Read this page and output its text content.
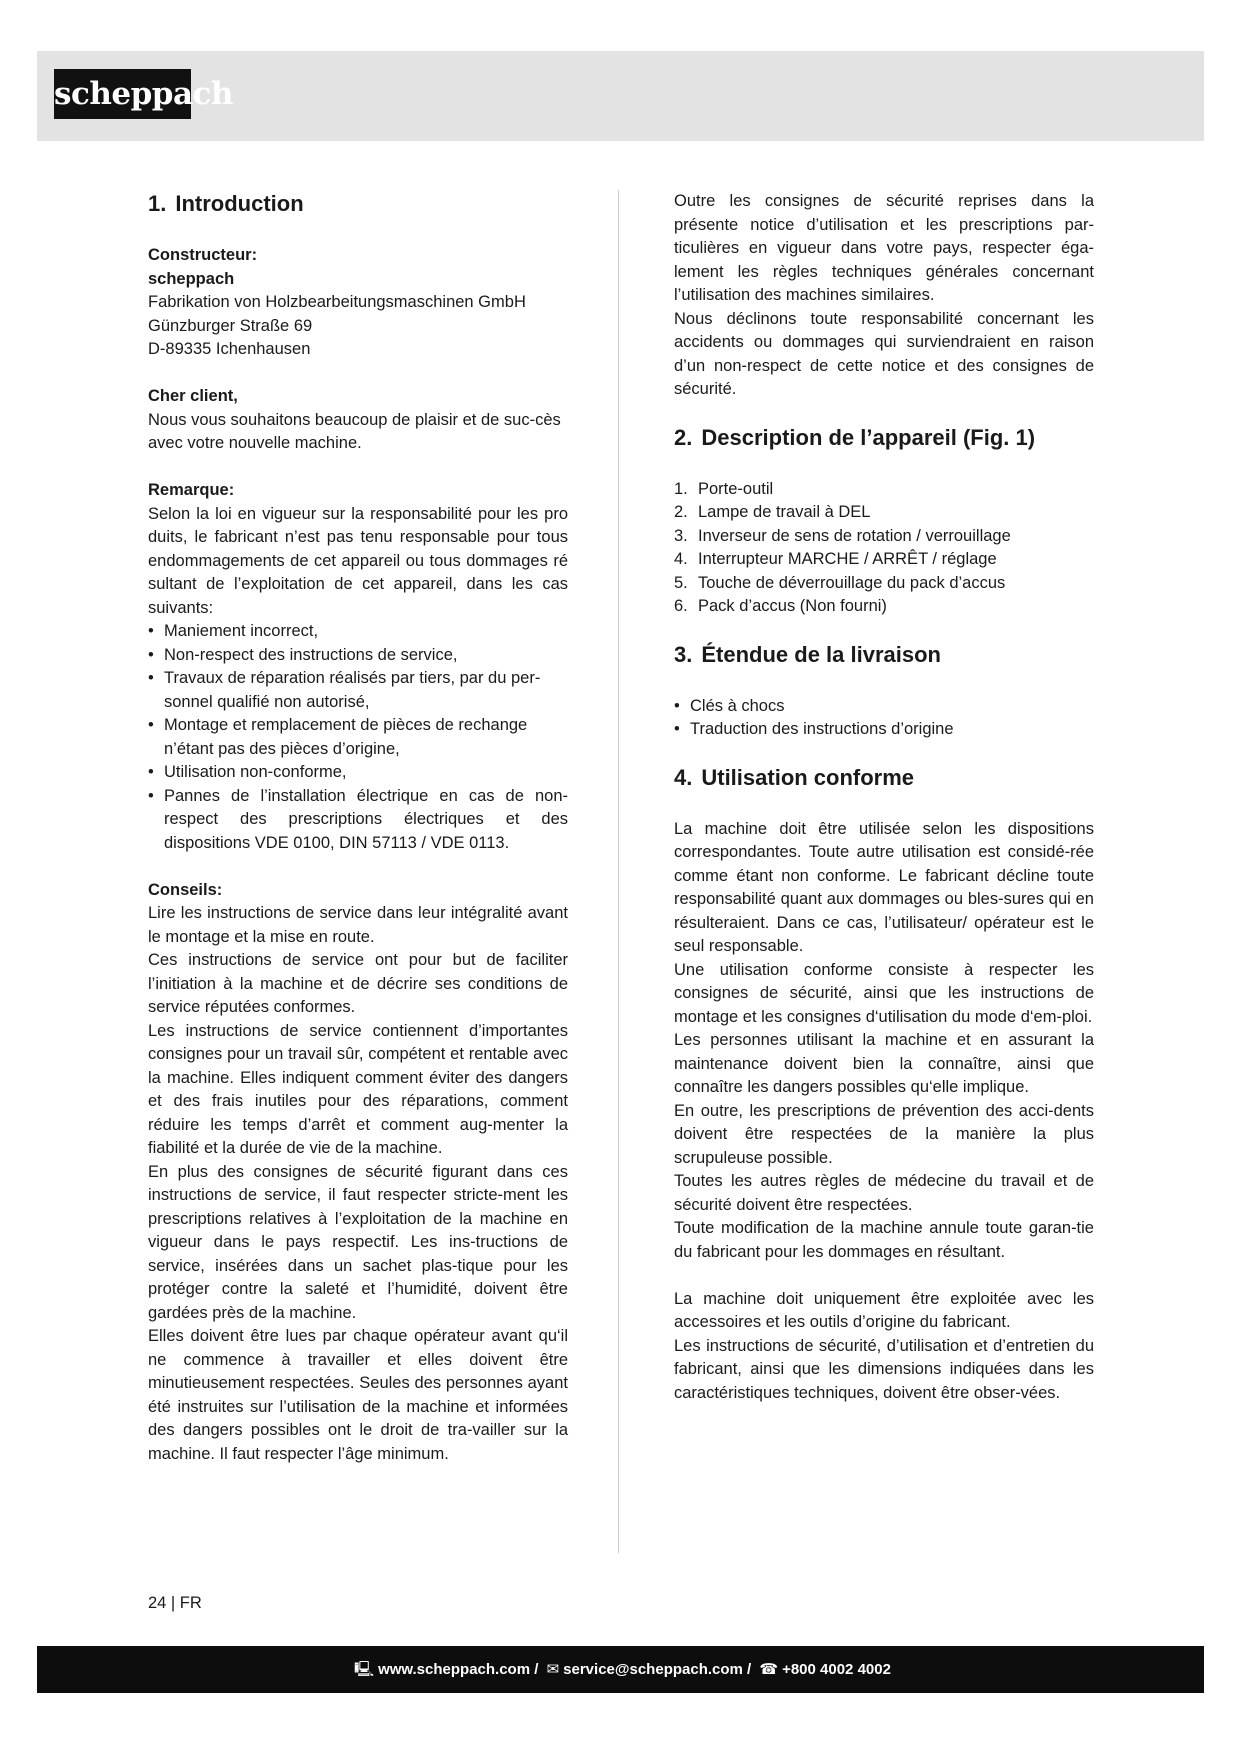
scheppach
1. Introduction

Constructeur:

scheppach

Fabrikation von Holzbearbeitungsmaschinen GmbH

Günzburger Straße 69

D-89335 Ichenhausen

Cher client,

Nous vous souhaitons beaucoup de plaisir et de suc-cès avec votre nouvelle machine.

Remarque:

Selon la loi en vigueur sur la responsabilité pour les pro duits, le fabricant n’est pas tenu responsable pour tous endommagements de cet appareil ou tous dommages ré sultant de l’exploitation de cet appareil, dans les cas suivants:

• Maniement incorrect,
• Non-respect des instructions de service,
• Travaux de réparation réalisés par tiers, par du per-sonnel qualifié non autorisé,
• Montage et remplacement de pièces de rechange n’étant pas des pièces d’origine,
• Utilisation non-conforme,
• Pannes de l’installation électrique en cas de non-respect des prescriptions électriques et des dispositions VDE 0100, DIN 57113 / VDE 0113.

Conseils:

Lire les instructions de service dans leur intégralité avant le montage et la mise en route.

Ces instructions de service ont pour but de faciliter l’initiation à la machine et de décrire ses conditions de service réputées conformes.

Les instructions de service contiennent d’importantes consignes pour un travail sûr, compétent et rentable avec la machine. Elles indiquent comment éviter des dangers et des frais inutiles pour des réparations, comment réduire les temps d’arrêt et comment aug-menter la fiabilité et la durée de vie de la machine.

En plus des consignes de sécurité figurant dans ces instructions de service, il faut respecter stricte-ment les prescriptions relatives à l’exploitation de la machine en vigueur dans le pays respectif. Les ins-tructions de service, insérées dans un sachet plas-tique pour les protéger contre la saleté et l’humidité, doivent être gardées près de la machine.

Elles doivent être lues par chaque opérateur avant qu‘il ne commence à travailler et elles doivent être minutieusement respectées. Seules des personnes ayant été instruites sur l’utilisation de la machine et informées des dangers possibles ont le droit de tra-vailler sur la machine. Il faut respecter l’âge minimum.

Outre les consignes de sécurité reprises dans la présente notice d’utilisation et les prescriptions par-ticulières en vigueur dans votre pays, respecter éga-lement les règles techniques générales concernant l’utilisation des machines similaires.

Nous déclinons toute responsabilité concernant les accidents ou dommages qui surviendraient en raison d’un non-respect de cette notice et des consignes de sécurité.

2. Description de l’appareil (Fig. 1)
1. Porte-outil
2. Lampe de travail à DEL
3. Inverseur de sens de rotation / verrouillage
4. Interrupteur MARCHE / ARRÊT / réglage
5. Touche de déverrouillage du pack d’accus
6. Pack d’accus (Non fourni)
3. Étendue de la livraison
• Clés à chocs
• Traduction des instructions d’origine
4. Utilisation conforme

La machine doit être utilisée selon les dispositions correspondantes. Toute autre utilisation est considé-rée comme étant non conforme. Le fabricant décline toute responsabilité quant aux dommages ou bles-sures qui en résulteraient. Dans ce cas, l’utilisateur/ opérateur est le seul responsable.

Une utilisation conforme consiste à respecter les consignes de sécurité, ainsi que les instructions de montage et les consignes d‘utilisation du mode d‘em-ploi.

Les personnes utilisant la machine et en assurant la maintenance doivent bien la connaître, ainsi que connaître les dangers possibles qu‘elle implique.

En outre, les prescriptions de prévention des acci-dents doivent être respectées de la manière la plus scrupuleuse possible.

Toutes les autres règles de médecine du travail et de sécurité doivent être respectées.

Toute modification de la machine annule toute garan-tie du fabricant pour les dommages en résultant.

La machine doit uniquement être exploitée avec les accessoires et les outils d’origine du fabricant.

Les instructions de sécurité, d’utilisation et d’entretien du fabricant, ainsi que les dimensions indiquées dans les caractéristiques techniques, doivent être obser-vées.

24 | FR
🖳 www.scheppach.com / ✉ service@scheppach.com / ☎ +800 4002 4002
